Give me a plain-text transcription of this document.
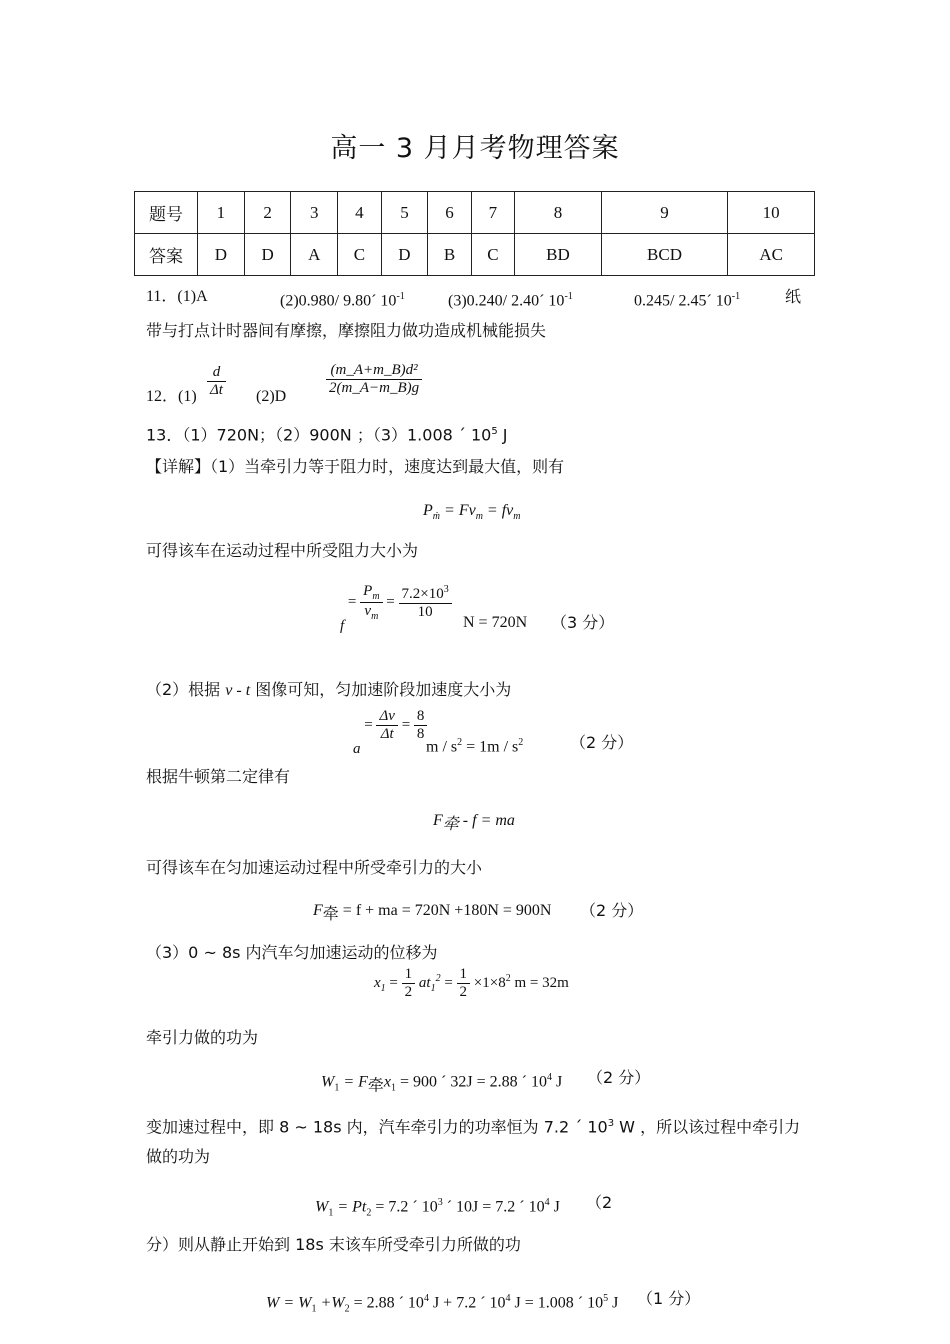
高一 3 月月考物理答案
题号	1	2	3	4	5	6	7	8	9	10
答案	D	D	A	C	D	B	C	BD	BCD	AC
11．(1)A	(2)0.980/ 9.80´ $10^{-1}$	(3)0.240/ 2.40´ $10^{-1}$	0.245/ 2.45´ $10^{-1}$	纸
带与打点计时器间有摩擦，摩擦阻力做功造成机械能损失
12．$(1) \frac{d}{\Delta t} (2)D$	$\frac{\text{(m\_A+m\_B)d²}}{2(m\_A-m\_B)g}$
13．（1）720N；（2）900N ；（3）1.008 ´ $10^5$ J
【详解】（1）当牵引力等于阻力时，速度达到最大值，则有
$P_ṁ = Fv_m = fv_m$
可得该车在运动过程中所受阻力大小为
$f = \frac{P_m}{v_m} = \frac{7.2\times 10^3}{10}$
N = 720N （3 分）
（2）根据 v - t 图像可知，匀加速阶段加速度大小为
$a = \frac{\Delta v}{\Delta t} = \frac{8}{8}$
$m / s^2 = 1m / s^2$	（2 分）
根据牛顿第二定律有
$F_牵$ - f = ma
可得该车在匀加速运动过程中所受牵引力的大小
$F_牵 = f$ + ma = 720N +180N = 900N （2 分）
（3）0 ~ 8s 内汽车匀加速运动的位移为
$x_1 = \frac{1}{2} at_1^2 = \frac{1}{2} \times 1\times 8^2$ m = 32m
牵引力做的功为
$W_1 = F_牵x_1 = 900$ ´ 32J = 2.88 ´ $10^4$ J （2 分）
变加速过程中，即 8 ~ 18s 内，汽车牵引力的功率恒为 7.2 ´ $10^3$ W ，所以该过程中牵引力
做的功为
$W_1 = Pt_2 = 7.2$ ´ $10^3$ ´ 10J = 7.2 ´ $10^4$ J （2
分）则从静止开始到 18s 末该车所受牵引力所做的功
$W = W_1 +W_2 = 2.88$ ´ $10^4$ J + 7.2 ´ $10^4$ J = 1.008 ´ $10^5$ J （1 分）
